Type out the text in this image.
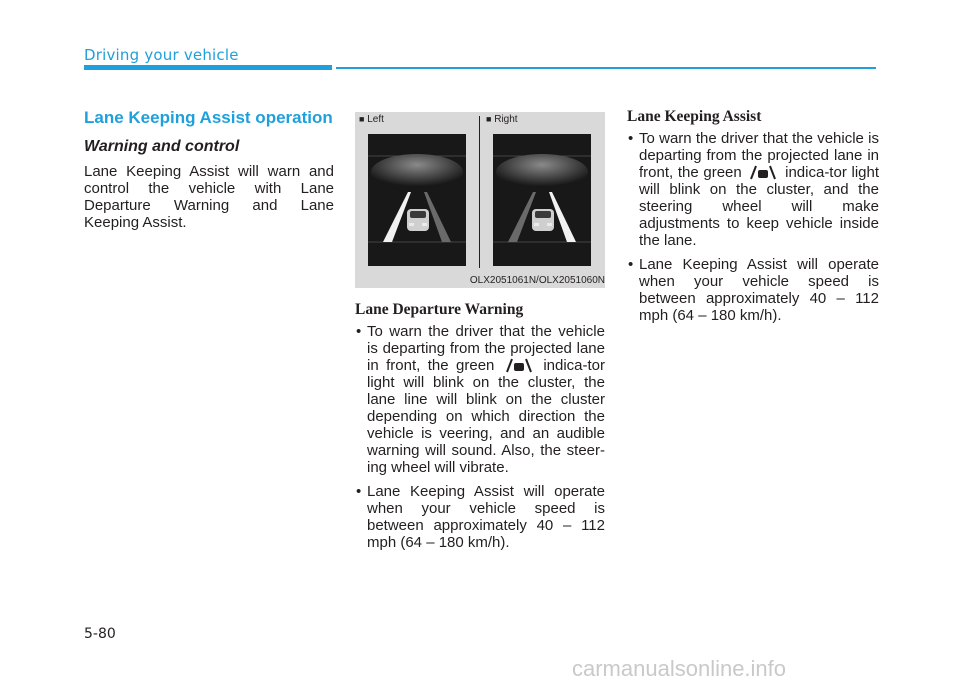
Driving your vehicle
Lane Keeping Assist operation
Warning and control

Lane Keeping Assist will warn and control the vehicle with Lane Departure Warning and Lane Keeping Assist.

■ Left	■ Right
OLX2051061N/OLX2051060N
Lane Departure Warning
• To warn the driver that the vehicle is departing from the projected lane in front, the green	indica-tor light will blink on the cluster, the lane line will blink on the cluster depending on which direction the vehicle is veering, and an audible warning will sound. Also, the steer-ing wheel will vibrate.
• Lane Keeping Assist will operate when your vehicle speed is between approximately 40 – 112 mph (64 – 180 km/h).
Lane Keeping Assist
• To warn the driver that the vehicle is departing from the projected lane in front, the green	indica-tor light will blink on the cluster, and the steering wheel will make adjustments to keep vehicle inside the lane.
• Lane Keeping Assist will operate when your vehicle speed is between approximately 40 – 112 mph (64 – 180 km/h).
5-80
carmanualsonline.info
